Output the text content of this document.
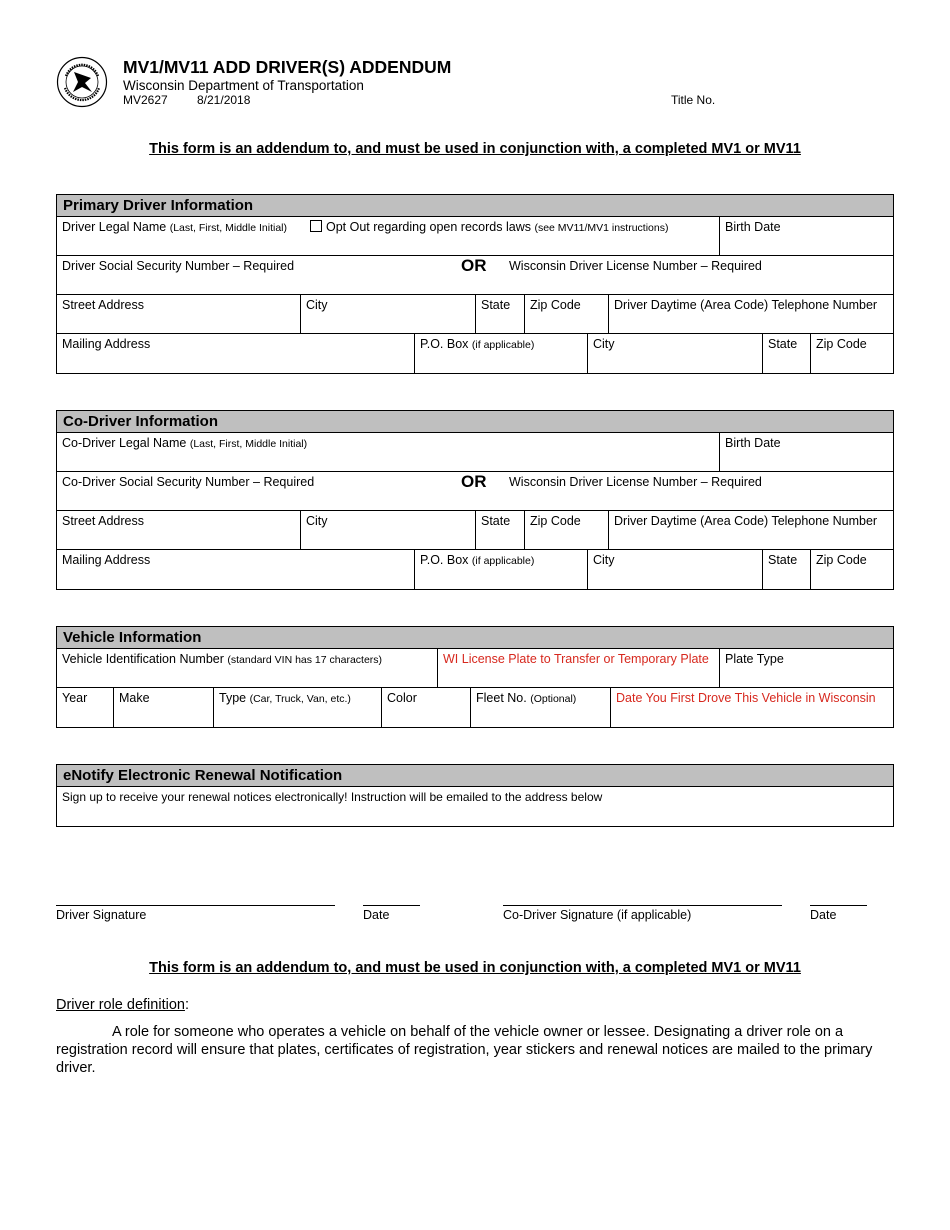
MV1/MV11 ADD DRIVER(S) ADDENDUM
Wisconsin Department of Transportation
MV2627 8/21/2018	Title No.
This form is an addendum to, and must be used in conjunction with, a completed MV1 or MV11
Primary Driver Information
Driver Legal Name (Last, First, Middle Initial)	Opt Out regarding open records laws (see MV11/MV1 instructions)	Birth Date
Driver Social Security Number – Required	OR	Wisconsin Driver License Number – Required
Street Address	City	State	Zip Code	Driver Daytime (Area Code) Telephone Number
Mailing Address	P.O. Box (if applicable)	City	State	Zip Code
Co-Driver Information
Co-Driver Legal Name (Last, First, Middle Initial)	Birth Date
Co-Driver Social Security Number – Required	OR	Wisconsin Driver License Number – Required
Street Address	City	State	Zip Code	Driver Daytime (Area Code) Telephone Number
Mailing Address	P.O. Box (if applicable)	City	State	Zip Code
Vehicle Information
Vehicle Identification Number (standard VIN has 17 characters)	WI License Plate to Transfer or Temporary Plate	Plate Type
Year	Make	Type (Car, Truck, Van, etc.)	Color	Fleet No. (Optional)	Date You First Drove This Vehicle in Wisconsin
eNotify Electronic Renewal Notification
Sign up to receive your renewal notices electronically! Instruction will be emailed to the address below
Driver Signature	Date	Co-Driver Signature (if applicable)	Date
This form is an addendum to, and must be used in conjunction with, a completed MV1 or MV11
Driver role definition:
A role for someone who operates a vehicle on behalf of the vehicle owner or lessee. Designating a driver role on a registration record will ensure that plates, certificates of registration, year stickers and renewal notices are mailed to the primary driver.
